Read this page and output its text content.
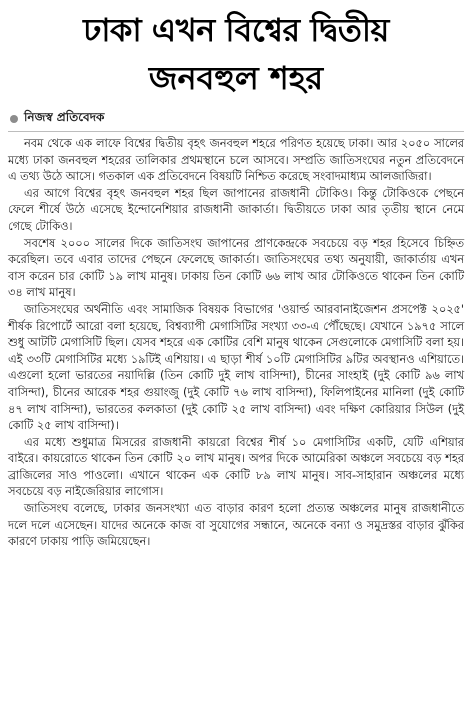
ঢাকা এখন বিশ্বের দ্বিতীয়
জনবহুল শহর
নিজস্ব প্রতিবেদক

নবম থেকে এক লাফে বিশ্বের দ্বিতীয় বৃহৎ জনবহুল শহরে পরিণত হয়েছে ঢাকা। আর ২০৫০ সালের মধ্যে ঢাকা জনবহুল শহরের তালিকার প্রথমস্থানে চলে আসবে। সম্প্রতি জাতিসংঘের নতুন প্রতিবেদনে এ তথ্য উঠে আসে। গতকাল এক প্রতিবেদনে বিষয়টি নিশ্চিত করেছে সংবাদমাধ্যম আলজাজিরা।

এর আগে বিশ্বের বৃহৎ জনবহুল শহর ছিল জাপানের রাজধানী টোকিও। কিন্তু টোকিওকে পেছনে ফেলে শীর্ষে উঠে এসেছে ইন্দোনেশিয়ার রাজধানী জাকার্তা। দ্বিতীয়তে ঢাকা আর তৃতীয় স্থানে নেমে গেছে টোকিও।

সবশেষ ২০০০ সালের দিকে জাতিসংঘ জাপানের প্রাণকেন্দ্রকে সবচেয়ে বড় শহর হিসেবে চিহ্নিত করেছিল। তবে এবার তাদের পেছনে ফেলেছে জাকার্তা। জাতিসংঘের তথ্য অনুযায়ী, জাকার্তায় এখন বাস করেন চার কোটি ১৯ লাখ মানুষ। ঢাকায় তিন কোটি ৬৬ লাখ আর টোকিওতে থাকেন তিন কোটি ৩৪ লাখ মানুষ।

জাতিসংঘের অর্থনীতি এবং সামাজিক বিষয়ক বিভাগের 'ওয়ার্ল্ড আরবানাইজেশন প্রসপেক্ট ২০২৫' শীর্ষক রিপোর্টে আরো বলা হয়েছে, বিশ্বব্যাপী মেগাসিটির সংখ্যা ৩৩-এ পৌঁছেছে। যেখানে ১৯৭৫ সালে শুধু আটটি মেগাসিটি ছিল। যেসব শহরে এক কোটির বেশি মানুষ থাকেন সেগুলোকে মেগাসিটি বলা হয়। এই ৩৩টি মেগাসিটির মধ্যে ১৯টিই এশিয়ায়। এ ছাড়া শীর্ষ ১০টি মেগাসিটির ৯টির অবস্থানও এশিয়াতে। এগুলো হলো ভারতের নয়াদিল্লি (তিন কোটি দুই লাখ বাসিন্দা), চীনের সাংহাই (দুই কোটি ৯৬ লাখ বাসিন্দা), চীনের আরেক শহর গুয়াংজু (দুই কোটি ৭৬ লাখ বাসিন্দা), ফিলিপাইনের মানিলা (দুই কোটি ৪৭ লাখ বাসিন্দা), ভারতের কলকাতা (দুই কোটি ২৫ লাখ বাসিন্দা) এবং দক্ষিণ কোরিয়ার সিউল (দুই কোটি ২৫ লাখ বাসিন্দা)।

এর মধ্যে শুধুমাত্র মিসরের রাজধানী কায়রো বিশ্বের শীর্ষ ১০ মেগাসিটির একটি, যেটি এশিয়ার বাইরে। কায়রোতে থাকেন তিন কোটি ২০ লাখ মানুষ। অপর দিকে আমেরিকা অঞ্চলে সবচেয়ে বড় শহর ব্রাজিলের সাও পাওলো। এখানে থাকেন এক কোটি ৮৯ লাখ মানুষ। সাব-সাহারান অঞ্চলের মধ্যে সবচেয়ে বড় নাইজেরিয়ার লাগোস।

জাতিসংঘ বলেছে, ঢাকার জনসংখ্যা এত বাড়ার কারণ হলো প্রত্যন্ত অঞ্চলের মানুষ রাজধানীতে দলে দলে এসেছেন। যাদের অনেকে কাজ বা সুযোগের সন্ধানে, অনেকে বন্যা ও সমুদ্রস্তর বাড়ার ঝুঁকির কারণে ঢাকায় পাড়ি জমিয়েছেন।
